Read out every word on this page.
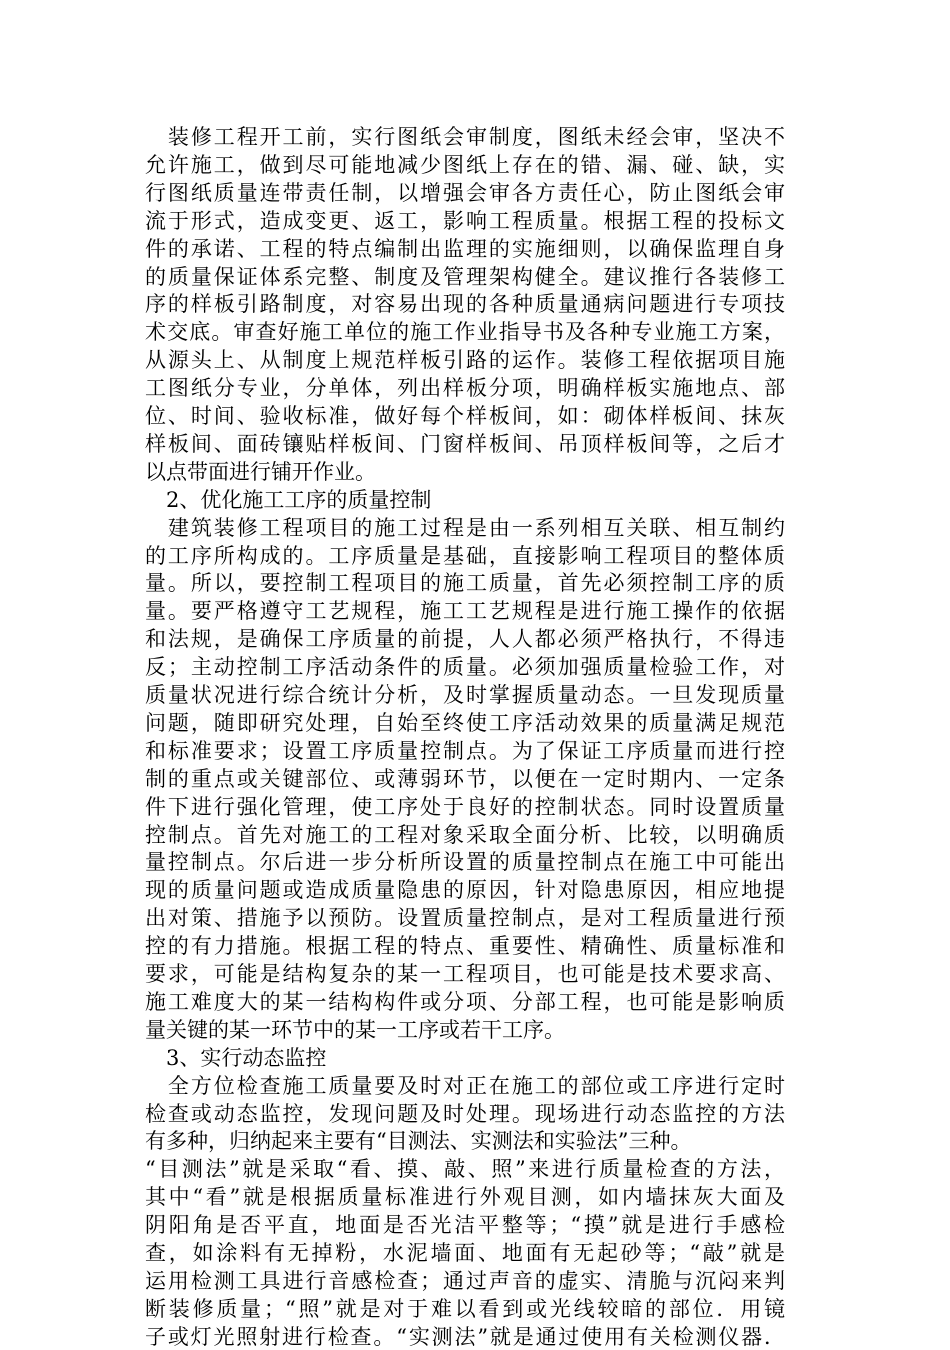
　装修工程开工前，实行图纸会审制度，图纸未经会审，坚决不
允许施工，做到尽可能地减少图纸上存在的错、漏、碰、缺，实
行图纸质量连带责任制，以增强会审各方责任心，防止图纸会审
流于形式，造成变更、返工，影响工程质量。根据工程的投标文
件的承诺、工程的特点编制出监理的实施细则，以确保监理自身
的质量保证体系完整、制度及管理架构健全。建议推行各装修工
序的样板引路制度，对容易出现的各种质量通病问题进行专项技
术交底。审查好施工单位的施工作业指导书及各种专业施工方案，
从源头上、从制度上规范样板引路的运作。装修工程依据项目施
工图纸分专业，分单体，列出样板分项，明确样板实施地点、部
位、时间、验收标准，做好每个样板间，如：砌体样板间、抹灰
样板间、面砖镶贴样板间、门窗样板间、吊顶样板间等，之后才
以点带面进行铺开作业。
　2、优化施工工序的质量控制
　建筑装修工程项目的施工过程是由一系列相互关联、相互制约
的工序所构成的。工序质量是基础，直接影响工程项目的整体质
量。所以，要控制工程项目的施工质量，首先必须控制工序的质
量。要严格遵守工艺规程，施工工艺规程是进行施工操作的依据
和法规，是确保工序质量的前提，人人都必须严格执行，不得违
反；主动控制工序活动条件的质量。必须加强质量检验工作，对
质量状况进行综合统计分析，及时掌握质量动态。一旦发现质量
问题，随即研究处理，自始至终使工序活动效果的质量满足规范
和标准要求；设置工序质量控制点。为了保证工序质量而进行控
制的重点或关键部位、或薄弱环节，以便在一定时期内、一定条
件下进行强化管理，使工序处于良好的控制状态。同时设置质量
控制点。首先对施工的工程对象采取全面分析、比较，以明确质
量控制点。尔后进一步分析所设置的质量控制点在施工中可能出
现的质量问题或造成质量隐患的原因，针对隐患原因，相应地提
出对策、措施予以预防。设置质量控制点，是对工程质量进行预
控的有力措施。根据工程的特点、重要性、精确性、质量标准和
要求，可能是结构复杂的某一工程项目，也可能是技术要求高、
施工难度大的某一结构构件或分项、分部工程，也可能是影响质
量关键的某一环节中的某一工序或若干工序。
　3、实行动态监控
　全方位检查施工质量要及时对正在施工的部位或工序进行定时
检查或动态监控，发现问题及时处理。现场进行动态监控的方法
有多种，归纳起来主要有“目测法、实测法和实验法”三种。
“目测法”就是采取“看、摸、敲、照”来进行质量检查的方法，
其中“看”就是根据质量标准进行外观目测，如内墙抹灰大面及
阴阳角是否平直，地面是否光洁平整等；“摸”就是进行手感检
查，如涂料有无掉粉，水泥墙面、地面有无起砂等；“敲”就是
运用检测工具进行音感检查；通过声音的虚实、清脆与沉闷来判
断装修质量；“照”就是对于难以看到或光线较暗的部位．用镜
子或灯光照射进行检查。“实测法”就是通过使用有关检测仪器．
